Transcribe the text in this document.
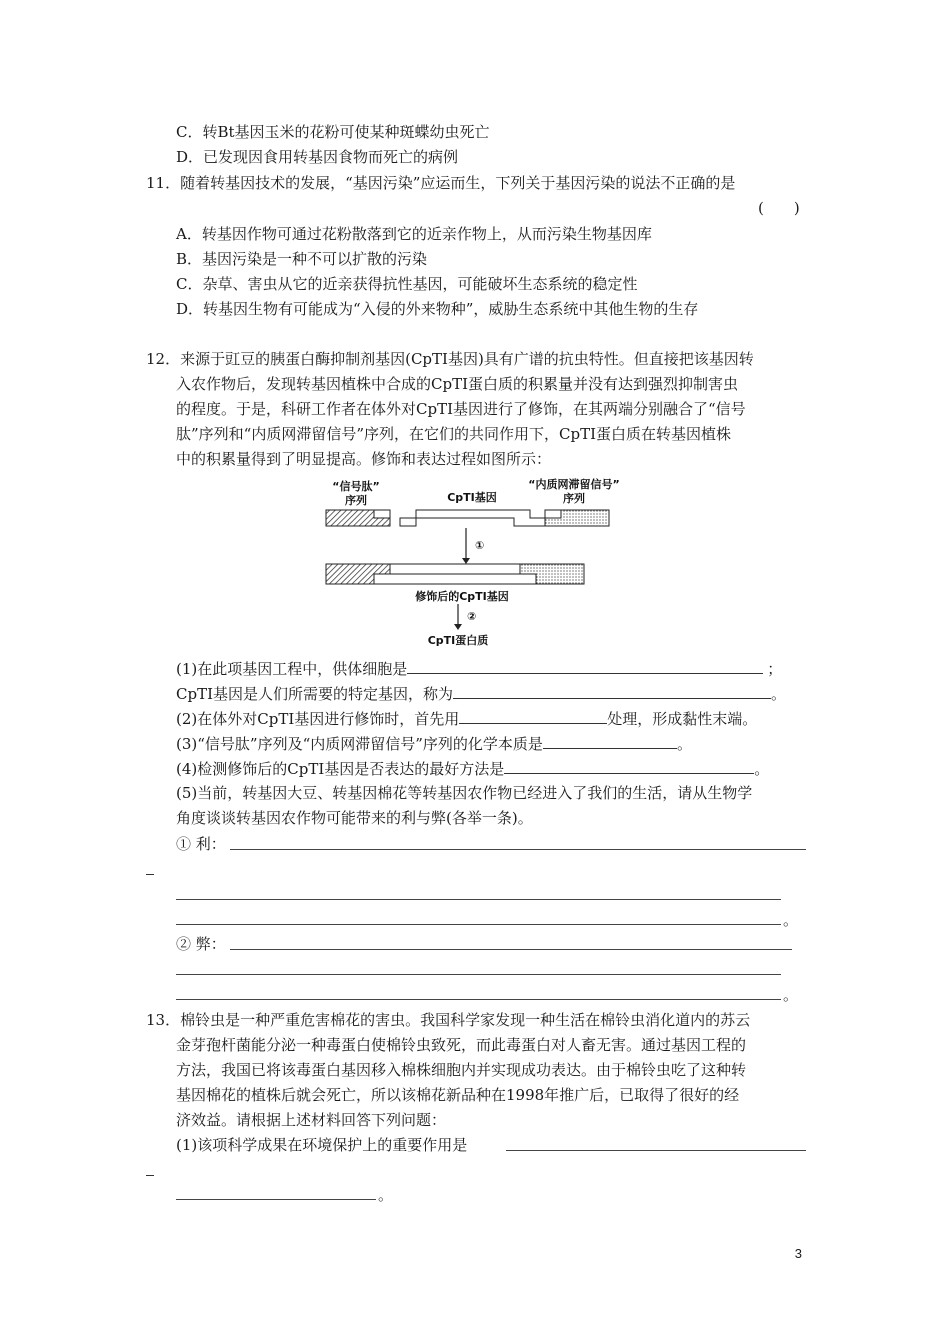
C．转Bt基因玉米的花粉可使某种斑蝶幼虫死亡
D．已发现因食用转基因食物而死亡的病例
11．随着转基因技术的发展，“基因污染”应运而生，下列关于基因污染的说法不正确的是
(　　)
A．转基因作物可通过花粉散落到它的近亲作物上，从而污染生物基因库
B．基因污染是一种不可以扩散的污染
C．杂草、害虫从它的近亲获得抗性基因，可能破坏生态系统的稳定性
D．转基因生物有可能成为“入侵的外来物种”，威胁生态系统中其他生物的生存
12．来源于豇豆的胰蛋白酶抑制剂基因(CpTI基因)具有广谱的抗虫特性。但直接把该基因转
入农作物后，发现转基因植株中合成的CpTI蛋白质的积累量并没有达到强烈抑制害虫
的程度。于是，科研工作者在体外对CpTI基因进行了修饰，在其两端分别融合了“信号
肽”序列和“内质网滞留信号”序列，在它们的共同作用下，CpTI蛋白质在转基因植株
中的积累量得到了明显提高。修饰和表达过程如图所示：
“信号肽”
序列	CpTI基因
“内质网滞留信号”
序列
①
修饰后的CpTI基因
②
CpTI蛋白质
(1)在此项基因工程中，供体细胞是	；
CpTI基因是人们所需要的特定基因，称为	。
(2)在体外对CpTI基因进行修饰时，首先用	处理，形成黏性末端。
(3)“信号肽”序列及“内质网滞留信号”序列的化学本质是	。
(4)检测修饰后的CpTI基因是否表达的最好方法是	。
(5)当前，转基因大豆、转基因棉花等转基因农作物已经进入了我们的生活，请从生物学
角度谈谈转基因农作物可能带来的利与弊(各举一条)。
① 利：
。
② 弊：
。
13．棉铃虫是一种严重危害棉花的害虫。我国科学家发现一种生活在棉铃虫消化道内的苏云
金芽孢杆菌能分泌一种毒蛋白使棉铃虫致死，而此毒蛋白对人畜无害。通过基因工程的
方法，我国已将该毒蛋白基因移入棉株细胞内并实现成功表达。由于棉铃虫吃了这种转
基因棉花的植株后就会死亡，所以该棉花新品种在1998年推广后，已取得了很好的经
济效益。请根据上述材料回答下列问题：
(1)该项科学成果在环境保护上的重要作用是
。
3
